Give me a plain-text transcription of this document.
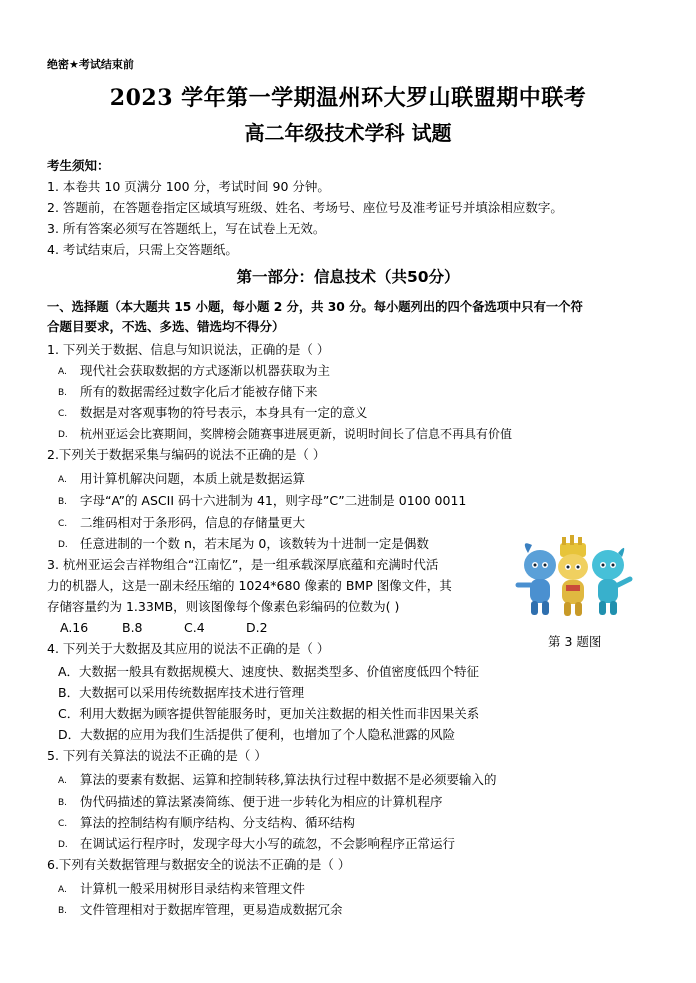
绝密★考试结束前
2023 学年第一学期温州环大罗山联盟期中联考
高二年级技术学科 试题
考生须知：
1. 本卷共 10 页满分 100 分，考试时间 90 分钟。
2. 答题前，在答题卷指定区域填写班级、姓名、考场号、座位号及准考证号并填涂相应数字。
3. 所有答案必须写在答题纸上，写在试卷上无效。
4. 考试结束后，只需上交答题纸。
第一部分：信息技术（共50分）
一、选择题（本大题共 15 小题，每小题 2 分，共 30 分。每小题列出的四个备选项中只有一个符
合题目要求，不选、多选、错选均不得分）
1. 下列关于数据、信息与知识说法，正确的是（ ）
A. 现代社会获取数据的方式逐渐以机器获取为主
B. 所有的数据需经过数字化后才能被存储下来
C. 数据是对客观事物的符号表示，本身具有一定的意义
D. 杭州亚运会比赛期间，奖牌榜会随赛事进展更新，说明时间长了信息不再具有价值
2.下列关于数据采集与编码的说法不正确的是（ ）
A. 用计算机解决问题，本质上就是数据运算
B. 字母“A”的 ASCII 码十六进制为 41，则字母”C”二进制是 0100 0011
C. 二维码相对于条形码，信息的存储量更大
D. 任意进制的一个数 n，若末尾为 0，该数转为十进制一定是偶数
3. 杭州亚运会吉祥物组合“江南忆”，是一组承载深厚底蕴和充满时代活
力的机器人，这是一副未经压缩的 1024*680 像素的 BMP 图像文件，其
存储容量约为 1.33MB，则该图像每个像素色彩编码的位数为( )
A.16	B.8	C.4	D.2
第 3 题图
4. 下列关于大数据及其应用的说法不正确的是（ ）
A．大数据一般具有数据规模大、速度快、数据类型多、价值密度低四个特征
B．大数据可以采用传统数据库技术进行管理
C．利用大数据为顾客提供智能服务时，更加关注数据的相关性而非因果关系
D．大数据的应用为我们生活提供了便利，也增加了个人隐私泄露的风险
5. 下列有关算法的说法不正确的是（ ）
A. 算法的要素有数据、运算和控制转移,算法执行过程中数据不是必须要输入的
B. 伪代码描述的算法紧凑简练、便于进一步转化为相应的计算机程序
C. 算法的控制结构有顺序结构、分支结构、循环结构
D. 在调试运行程序时，发现字母大小写的疏忽，不会影响程序正常运行
6.下列有关数据管理与数据安全的说法不正确的是（ ）
A. 计算机一般采用树形目录结构来管理文件
B. 文件管理相对于数据库管理，更易造成数据冗余
